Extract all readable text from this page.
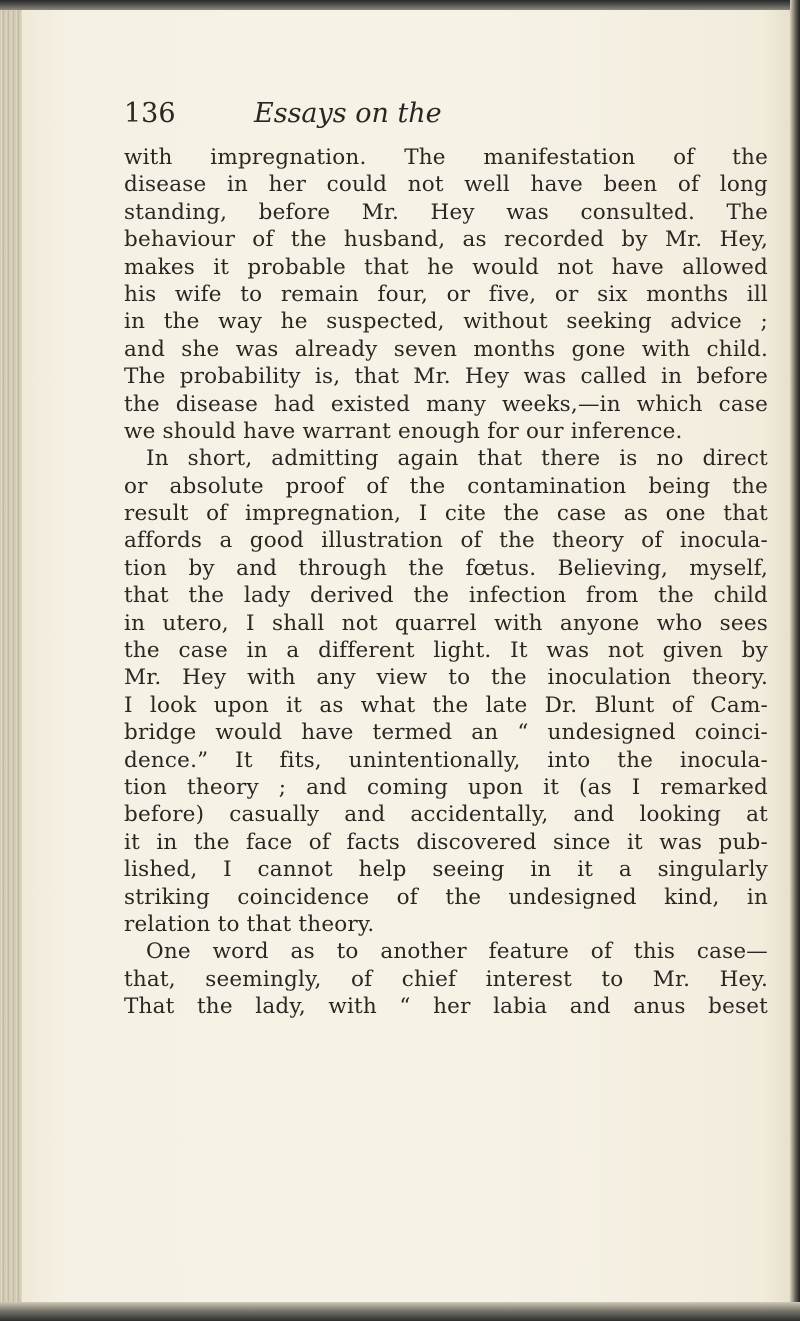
136	Essays on the
with impregnation. The manifestation of the
disease in her could not well have been of long
standing, before Mr. Hey was consulted. The
behaviour of the husband, as recorded by Mr. Hey,
makes it probable that he would not have allowed
his wife to remain four, or five, or six months ill
in the way he suspected, without seeking advice ;
and she was already seven months gone with child.
The probability is, that Mr. Hey was called in before
the disease had existed many weeks,—in which case
we should have warrant enough for our inference.
In short, admitting again that there is no direct
or absolute proof of the contamination being the
result of impregnation, I cite the case as one that
affords a good illustration of the theory of inocula-
tion by and through the fœtus. Believing, myself,
that the lady derived the infection from the child
in utero, I shall not quarrel with anyone who sees
the case in a different light. It was not given by
Mr. Hey with any view to the inoculation theory.
I look upon it as what the late Dr. Blunt of Cam-
bridge would have termed an “ undesigned coinci-
dence.” It fits, unintentionally, into the inocula-
tion theory ; and coming upon it (as I remarked
before) casually and accidentally, and looking at
it in the face of facts discovered since it was pub-
lished, I cannot help seeing in it a singularly
striking coincidence of the undesigned kind, in
relation to that theory.
One word as to another feature of this case—
that, seemingly, of chief interest to Mr. Hey.
That the lady, with “ her labia and anus beset
